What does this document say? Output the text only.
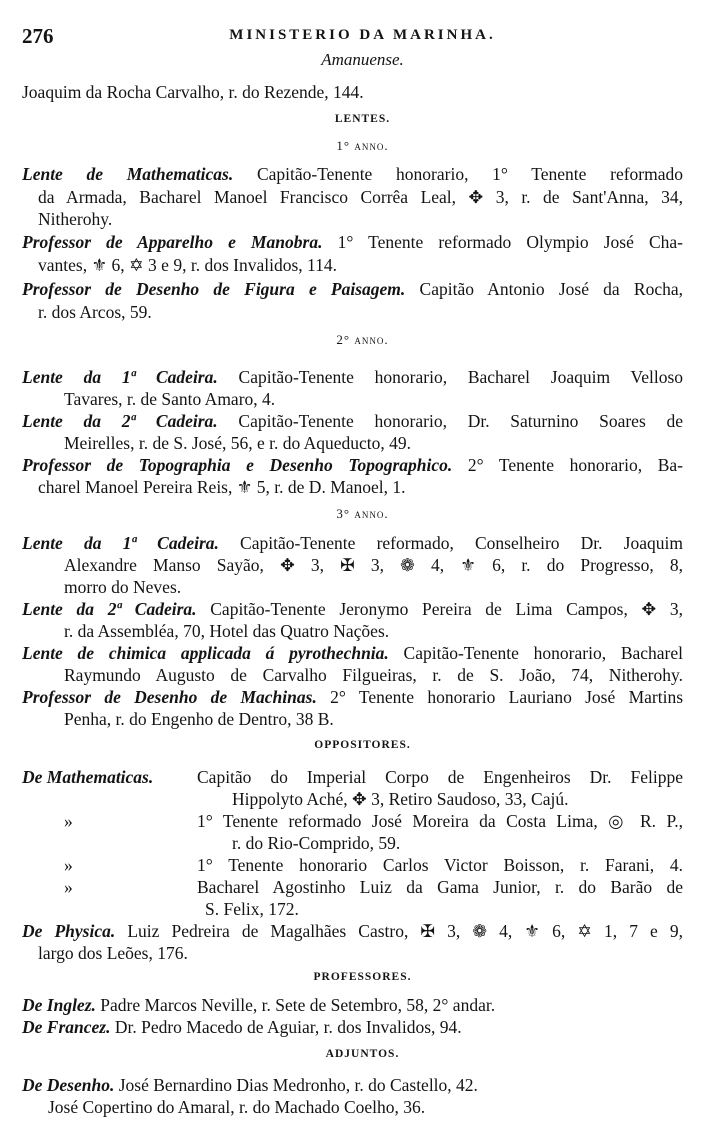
276	MINISTERIO DA MARINHA.
Amanuense.
Joaquim da Rocha Carvalho, r. do Rezende, 144.
LENTES.
1° anno.
Lente de Mathematicas. Capitão-Tenente honorario, 1° Tenente reformado
da Armada, Bacharel Manoel Francisco Corrêa Leal, ✥ 3, r. de Sant'Anna, 34,
Nitherohy.
Professor de Apparelho e Manobra. 1° Tenente reformado Olympio José Cha-
vantes, ⚜ 6, ✡ 3 e 9, r. dos Invalidos, 114.
Professor de Desenho de Figura e Paisagem. Capitão Antonio José da Rocha,
r. dos Arcos, 59.
2° anno.
Lente da 1ª Cadeira. Capitão-Tenente honorario, Bacharel Joaquim Velloso
Tavares, r. de Santo Amaro, 4.
Lente da 2ª Cadeira. Capitão-Tenente honorario, Dr. Saturnino Soares de
Meirelles, r. de S. José, 56, e r. do Aqueducto, 49.
Professor de Topographia e Desenho Topographico. 2° Tenente honorario, Ba-
charel Manoel Pereira Reis, ⚜ 5, r. de D. Manoel, 1.
3° anno.
Lente da 1ª Cadeira. Capitão-Tenente reformado, Conselheiro Dr. Joaquim
Alexandre Manso Sayão, ✥ 3, ✠ 3, ❁ 4, ⚜ 6, r. do Progresso, 8,
morro do Neves.
Lente da 2ª Cadeira. Capitão-Tenente Jeronymo Pereira de Lima Campos, ✥ 3,
r. da Assembléa, 70, Hotel das Quatro Nações.
Lente de chimica applicada á pyrothechnia. Capitão-Tenente honorario, Bacharel
Raymundo Augusto de Carvalho Filgueiras, r. de S. João, 74, Nitherohy.
Professor de Desenho de Machinas. 2° Tenente honorario Lauriano José Martins
Penha, r. do Engenho de Dentro, 38 B.
OPPOSITORES.
De Mathematicas.	Capitão do Imperial Corpo de Engenheiros Dr. Felippe
Hippolyto Aché, ✥ 3, Retiro Saudoso, 33, Cajú.
»	1° Tenente reformado José Moreira da Costa Lima, ◎ R. P.,
r. do Rio-Comprido, 59.
»	1° Tenente honorario Carlos Victor Boisson, r. Farani, 4.
»	Bacharel Agostinho Luiz da Gama Junior, r. do Barão de
S. Felix, 172.
De Physica. Luiz Pedreira de Magalhães Castro, ✠ 3, ❁ 4, ⚜ 6, ✡ 1, 7 e 9,
largo dos Leões, 176.
PROFESSORES.
De Inglez. Padre Marcos Neville, r. Sete de Setembro, 58, 2° andar.
De Francez. Dr. Pedro Macedo de Aguiar, r. dos Invalidos, 94.
ADJUNTOS.
De Desenho. José Bernardino Dias Medronho, r. do Castello, 42.
José Copertino do Amaral, r. do Machado Coelho, 36.
